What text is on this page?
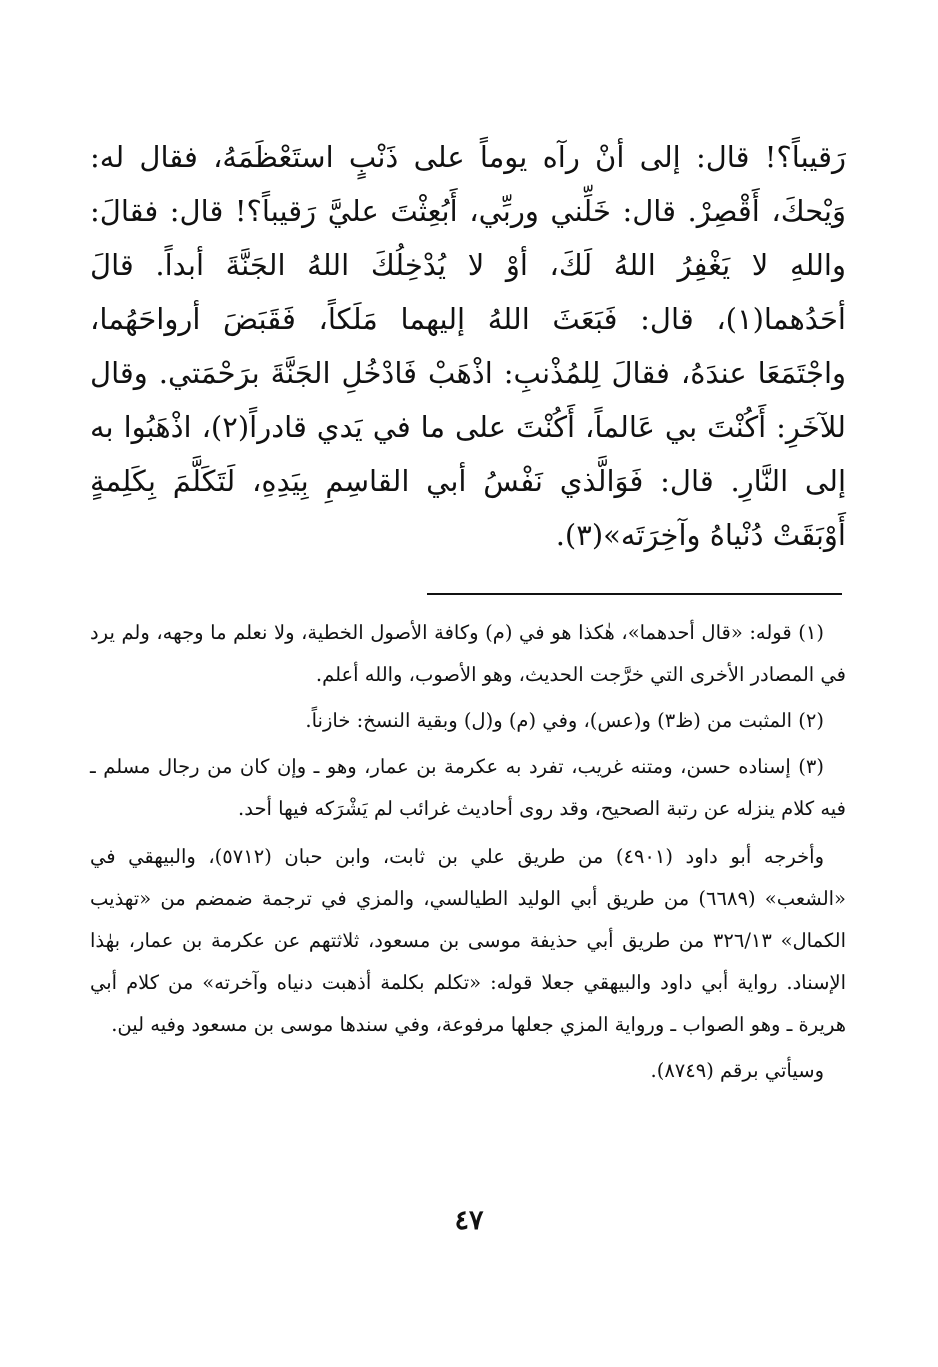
رَقيباً؟! قال: إلى أنْ رآه يوماً على ذَنْبٍ استَعْظَمَهُ، فقال له: وَيْحكَ، أَقْصِرْ. قال: خَلِّني وربِّي، أَبُعِثْتَ عليَّ رَقيباً؟! قال: فقالَ: واللهِ لا يَغْفِرُ اللهُ لَكَ، أوْ لا يُدْخِلُكَ اللهُ الجَنَّةَ أبداً. قالَ أحَدُهما(١)، قال: فَبَعَثَ اللهُ إليهما مَلَكاً، فَقَبَضَ أرواحَهُما، واجْتَمَعَا عندَهُ، فقالَ لِلمُذْنبِ: اذْهَبْ فَادْخُلِ الجَنَّةَ برَحْمَتي. وقال للآخَرِ: أَكُنْتَ بي عَالماً، أَكُنْتَ على ما في يَدي قادراً(٢)، اذْهَبُوا به إلى النَّارِ. قال: فَوَالَّذي نَفْسُ أبي القاسِمِ بِيَدِهِ، لَتَكَلَّمَ بِكَلِمةٍ أَوْبَقَتْ دُنْياهُ وآخِرَتَه»(٣).

(١) قوله: «قال أحدهما»، هٰكذا هو في (م) وكافة الأصول الخطية، ولا نعلم ما وجهه، ولم يرد في المصادر الأخرى التي خرَّجت الحديث، وهو الأصوب، والله أعلم.

(٢) المثبت من (ظ٣) و(عس)، وفي (م) و(ل) وبقية النسخ: خازناً.

(٣) إسناده حسن، ومتنه غريب، تفرد به عكرمة بن عمار، وهو ـ وإن كان من رجال مسلم ـ فيه كلام ينزله عن رتبة الصحيح، وقد روى أحاديث غرائب لم يَشْرَكه فيها أحد.

وأخرجه أبو داود (٤٩٠١) من طريق علي بن ثابت، وابن حبان (٥٧١٢)، والبيهقي في «الشعب» (٦٦٨٩) من طريق أبي الوليد الطيالسي، والمزي في ترجمة ضمضم من «تهذيب الكمال» ٣٢٦/١٣ من طريق أبي حذيفة موسى بن مسعود، ثلاثتهم عن عكرمة بن عمار، بهٰذا الإسناد. رواية أبي داود والبيهقي جعلا قوله: «تكلم بكلمة أذهبت دنياه وآخرته» من كلام أبي هريرة ـ وهو الصواب ـ ورواية المزي جعلها مرفوعة، وفي سندها موسى بن مسعود وفيه لين.

وسيأتي برقم (٨٧٤٩).

٤٧
